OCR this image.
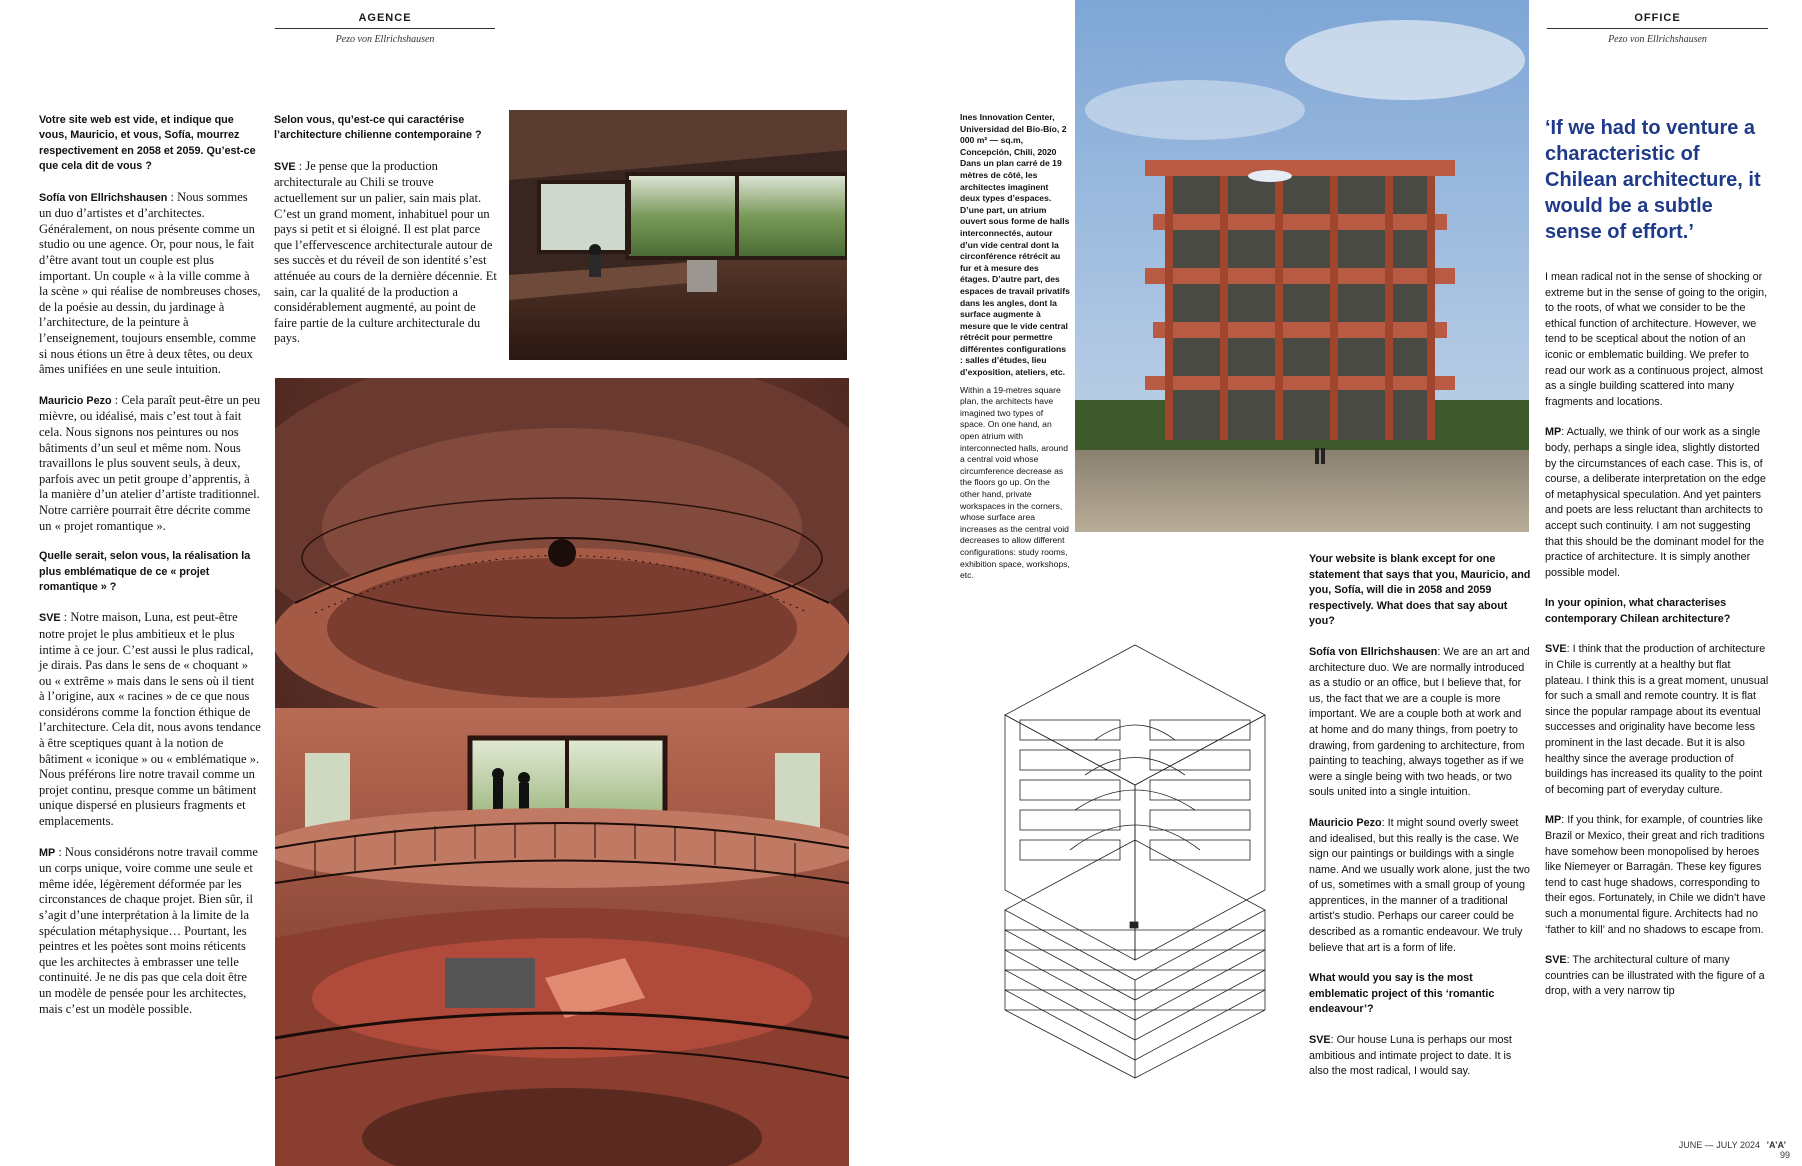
AGENCE
Pezo von Ellrichshausen
Votre site web est vide, et indique que vous, Mauricio, et vous, Sofía, mourrez respectivement en 2058 et 2059. Qu’est-ce que cela dit de vous ?

Sofía von Ellrichshausen : Nous sommes un duo d’artistes et d’architectes. Généralement, on nous présente comme un studio ou une agence. Or, pour nous, le fait d’être avant tout un couple est plus important. Un couple « à la ville comme à la scène » qui réalise de nombreuses choses, de la poésie au dessin, du jardinage à l’architecture, de la peinture à l’enseignement, toujours ensemble, comme si nous étions un être à deux têtes, ou deux âmes unifiées en une seule intuition.

Mauricio Pezo : Cela paraît peut-être un peu mièvre, ou idéalisé, mais c’est tout à fait cela. Nous signons nos peintures ou nos bâtiments d’un seul et même nom. Nous travaillons le plus souvent seuls, à deux, parfois avec un petit groupe d’apprentis, à la manière d’un atelier d’artiste traditionnel. Notre carrière pourrait être décrite comme un « projet romantique ».

Quelle serait, selon vous, la réalisation la plus emblématique de ce « projet romantique » ?

SVE : Notre maison, Luna, est peut-être notre projet le plus ambitieux et le plus intime à ce jour. C’est aussi le plus radical, je dirais. Pas dans le sens de « choquant » ou « extrême » mais dans le sens où il tient à l’origine, aux « racines » de ce que nous considérons comme la fonction éthique de l’architecture. Cela dit, nous avons tendance à être sceptiques quant à la notion de bâtiment « iconique » ou « emblématique ». Nous préférons lire notre travail comme un projet continu, presque comme un bâtiment unique dispersé en plusieurs fragments et emplacements.

MP : Nous considérons notre travail comme un corps unique, voire comme une seule et même idée, légèrement déformée par les circonstances de chaque projet. Bien sûr, il s’agit d’une interprétation à la limite de la spéculation métaphysique… Pourtant, les peintres et les poètes sont moins réticents que les architectes à embrasser une telle continuité. Je ne dis pas que cela doit être un modèle de pensée pour les architectes, mais c’est un modèle possible.

Selon vous, qu’est-ce qui caractérise l’architecture chilienne contemporaine ?

SVE : Je pense que la production architecturale au Chili se trouve actuellement sur un palier, sain mais plat. C’est un grand moment, inhabituel pour un pays si petit et si éloigné. Il est plat parce que l’effervescence architecturale autour de ses succès et du réveil de son identité s’est atténuée au cours de la dernière décennie. Et sain, car la qualité de la production a considérablement augmenté, au point de faire partie de la culture architecturale du pays.

OFFICE
Pezo von Ellrichshausen
Ines Innovation Center, Universidad del Bío-Bío, 2 000 m² — sq.m, Concepción, Chili, 2020
Dans un plan carré de 19 mètres de côté, les architectes imaginent deux types d’espaces. D’une part, un atrium ouvert sous forme de halls interconnectés, autour d’un vide central dont la circonférence rétrécit au fur et à mesure des étages. D’autre part, des espaces de travail privatifs dans les angles, dont la surface augmente à mesure que le vide central rétrécit pour permettre différentes configurations : salles d’études, lieu d’exposition, ateliers, etc.
Within a 19-metres square plan, the architects have imagined two types of space. On one hand, an open atrium with interconnected halls, around a central void whose circumference decrease as the floors go up. On the other hand, private workspaces in the corners, whose surface area increases as the central void decreases to allow different configurations: study rooms, exhibition space, workshops, etc.
Your website is blank except for one statement that says that you, Mauricio, and you, Sofía, will die in 2058 and 2059 respectively. What does that say about you?

Sofía von Ellrichshausen: We are an art and architecture duo. We are normally introduced as a studio or an office, but I believe that, for us, the fact that we are a couple is more important. We are a couple both at work and at home and do many things, from poetry to drawing, from gardening to architecture, from painting to teaching, always together as if we were a single being with two heads, or two souls united into a single intuition.

Mauricio Pezo: It might sound overly sweet and idealised, but this really is the case. We sign our paintings or buildings with a single name. And we usually work alone, just the two of us, sometimes with a small group of young apprentices, in the manner of a traditional artist’s studio. Perhaps our career could be described as a romantic endeavour. We truly believe that art is a form of life.

What would you say is the most emblematic project of this ‘romantic endeavour’?

SVE: Our house Luna is perhaps our most ambitious and intimate project to date. It is also the most radical, I would say.

‘If we had to venture a characteristic of Chilean architecture, it would be a subtle sense of effort.’

I mean radical not in the sense of shocking or extreme but in the sense of going to the origin, to the roots, of what we consider to be the ethical function of architecture. However, we tend to be sceptical about the notion of an iconic or emblematic building. We prefer to read our work as a continuous project, almost as a single building scattered into many fragments and locations.

MP: Actually, we think of our work as a single body, perhaps a single idea, slightly distorted by the circumstances of each case. This is, of course, a deliberate interpretation on the edge of metaphysical speculation. And yet painters and poets are less reluctant than architects to accept such continuity. I am not suggesting that this should be the dominant model for the practice of architecture. It is simply another possible model.

In your opinion, what characterises contemporary Chilean architecture?

SVE: I think that the production of architecture in Chile is currently at a healthy but flat plateau. I think this is a great moment, unusual for such a small and remote country. It is flat since the popular rampage about its eventual successes and originality have become less prominent in the last decade. But it is also healthy since the average production of buildings has increased its quality to the point of becoming part of everyday culture.

MP: If you think, for example, of countries like Brazil or Mexico, their great and rich traditions have somehow been monopolised by heroes like Niemeyer or Barragán. These key figures tend to cast huge shadows, corresponding to their egos. Fortunately, in Chile we didn’t have such a monumental figure. Architects had no ‘father to kill’ and no shadows to escape from.

SVE: The architectural culture of many countries can be illustrated with the figure of a drop, with a very narrow tip

JUNE — JULY 2024 ’A’A’ 99
